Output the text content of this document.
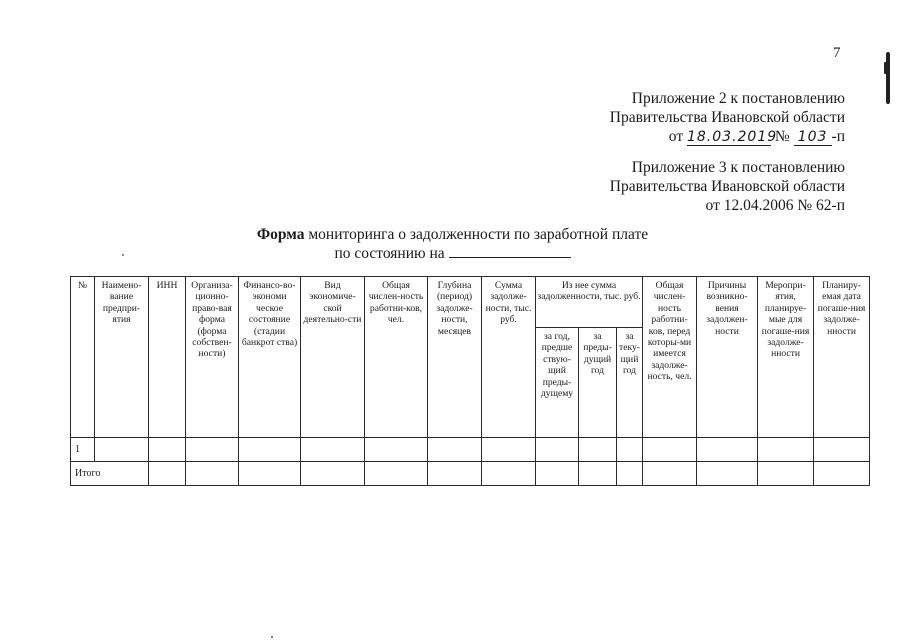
7
Приложение 2 к постановлению
Правительства Ивановской области
от 18.03.2019 № 103 -п
Приложение 3 к постановлению
Правительства Ивановской области
от 12.04.2006 № 62-п
Форма мониторинга о задолженности по заработной плате
по состоянию на
№	Наимено-вание предпри-ятия	ИНН	Организа-ционно-право-вая форма (форма собствен-ности)	Финансо-во-экономи ческое состояние (стадии банкрот ства)	Вид экономиче-ской деятельно-сти	Общая числен-ность работни-ков, чел.	Глубина (период) задолже-ности, месяцев	Сумма задолже-ности, тыс. руб.	Из нее сумма задолженности, тыс. руб.			Общая числен-ность работни-ков, перед которы-ми имеется задолже-ность, чел.	Причины возникно-вения задолжен-ности	Меропри-ятия, планируе-мые для погаше-ния задолже-нности	Планиру-емая дата погаше-ния задолже-нности
									за год, предше ствую-щий преды-дущему	за преды-дущий год	за теку-щий год				
1															
Итого															
